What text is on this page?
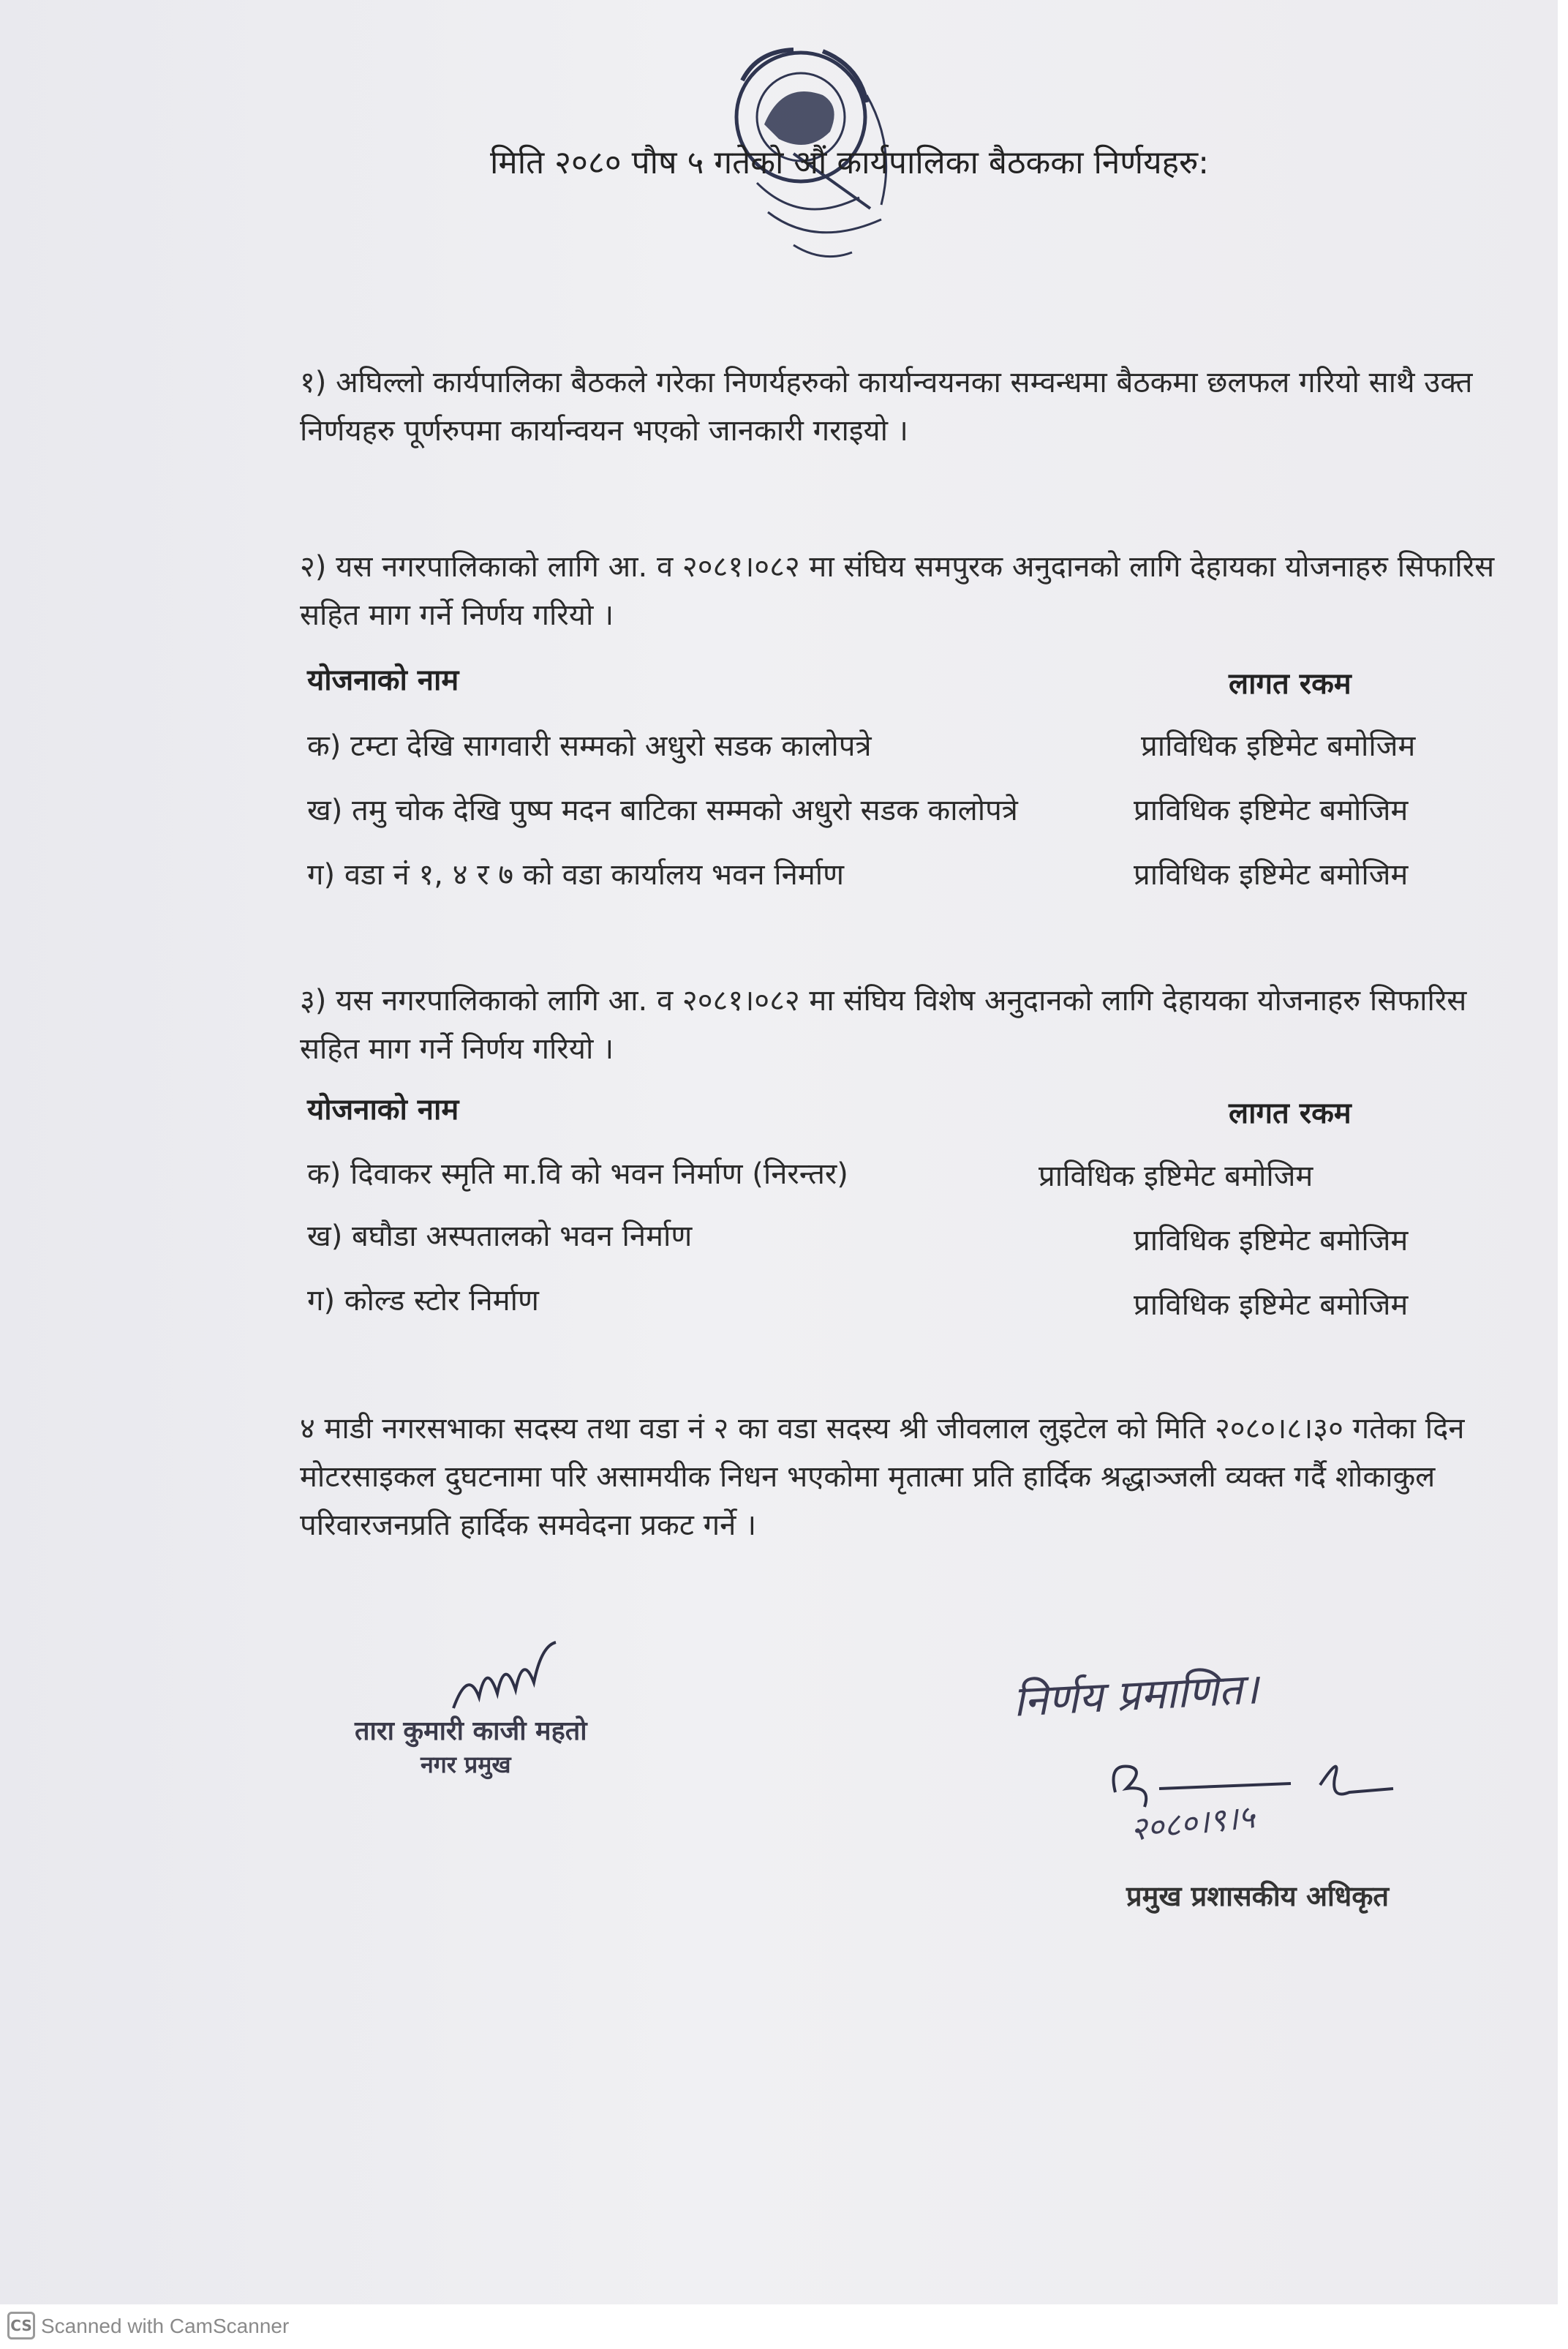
मिति २०८० पौष ५ गतेको औं कार्यपालिका बैठकका निर्णयहरु:
१) अघिल्लो कार्यपालिका बैठकले गरेका निणर्यहरुको कार्यान्वयनका सम्वन्धमा बैठकमा छलफल गरियो साथै उक्त निर्णयहरु पूर्णरुपमा कार्यान्वयन भएको जानकारी गराइयो ।
२) यस नगरपालिकाको लागि आ. व २०८१।०८२ मा संघिय समपुरक अनुदानको लागि देहायका योजनाहरु सिफारिस सहित माग गर्ने निर्णय गरियो ।
योजनाको नाम	लागत रकम
क) टम्टा देखि सागवारी सम्मको अधुरो सडक कालोपत्रे	प्राविधिक इष्टिमेट बमोजिम
ख) तमु चोक देखि पुष्प मदन बाटिका सम्मको अधुरो सडक कालोपत्रे	प्राविधिक इष्टिमेट बमोजिम
ग) वडा नं १, ४ र ७ को वडा कार्यालय भवन निर्माण	प्राविधिक इष्टिमेट बमोजिम
३) यस नगरपालिकाको लागि आ. व २०८१।०८२ मा संघिय विशेष अनुदानको लागि देहायका योजनाहरु सिफारिस सहित माग गर्ने निर्णय गरियो ।
योजनाको नाम	लागत रकम
क) दिवाकर स्मृति मा.वि को भवन निर्माण (निरन्तर)	प्राविधिक इष्टिमेट बमोजिम
ख) बघौडा अस्पतालको भवन निर्माण	प्राविधिक इष्टिमेट बमोजिम
ग) कोल्ड स्टोर निर्माण	प्राविधिक इष्टिमेट बमोजिम
४ माडी नगरसभाका सदस्य तथा वडा नं २ का वडा सदस्य श्री जीवलाल लुइटेल को मिति २०८०।८।३० गतेका दिन मोटरसाइकल दुघटनामा परि असामयीक निधन भएकोमा मृतात्मा प्रति हार्दिक श्रद्धाञ्जली व्यक्त गर्दै शोकाकुल परिवारजनप्रति हार्दिक समवेदना प्रकट गर्ने ।
तारा कुमारी काजी महतो
नगर प्रमुख
निर्णय प्रमाणित।
२०८०।९।५
प्रमुख प्रशासकीय अधिकृत
CS Scanned with CamScanner
